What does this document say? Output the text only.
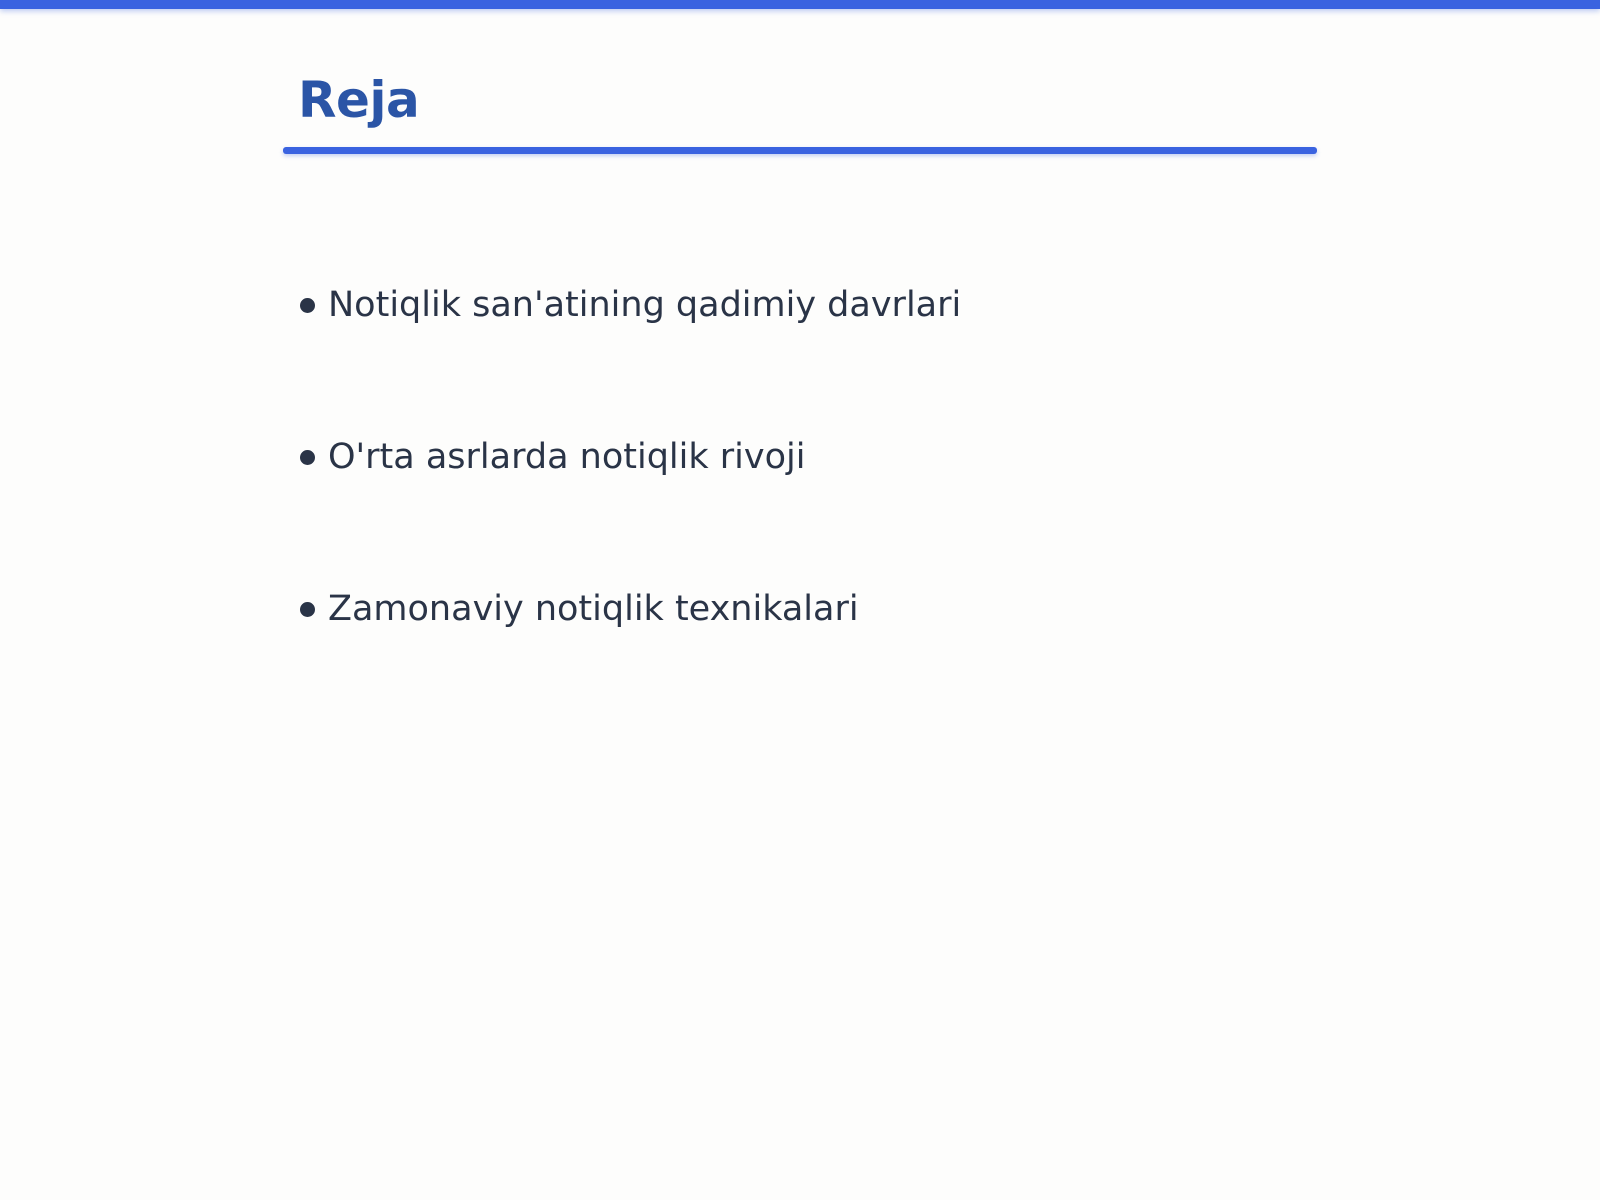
Reja
Notiqlik san'atining qadimiy davrlari
O'rta asrlarda notiqlik rivoji
Zamonaviy notiqlik texnikalari
